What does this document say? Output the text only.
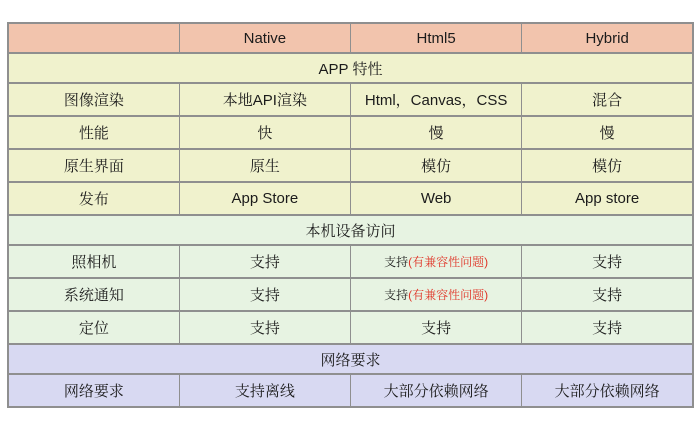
	Native	Html5	Hybrid
APP 特性			
图像渲染	本地API渲染	Html，Canvas，CSS	混合
性能	快	慢	慢
原生界面	原生	模仿	模仿
发布	App Store	Web	App store
本机设备访问			
照相机	支持	支持(有兼容性问题)	支持
系统通知	支持	支持(有兼容性问题)	支持
定位	支持	支持	支持
网络要求			
网络要求	支持离线	大部分依赖网络	大部分依赖网络
